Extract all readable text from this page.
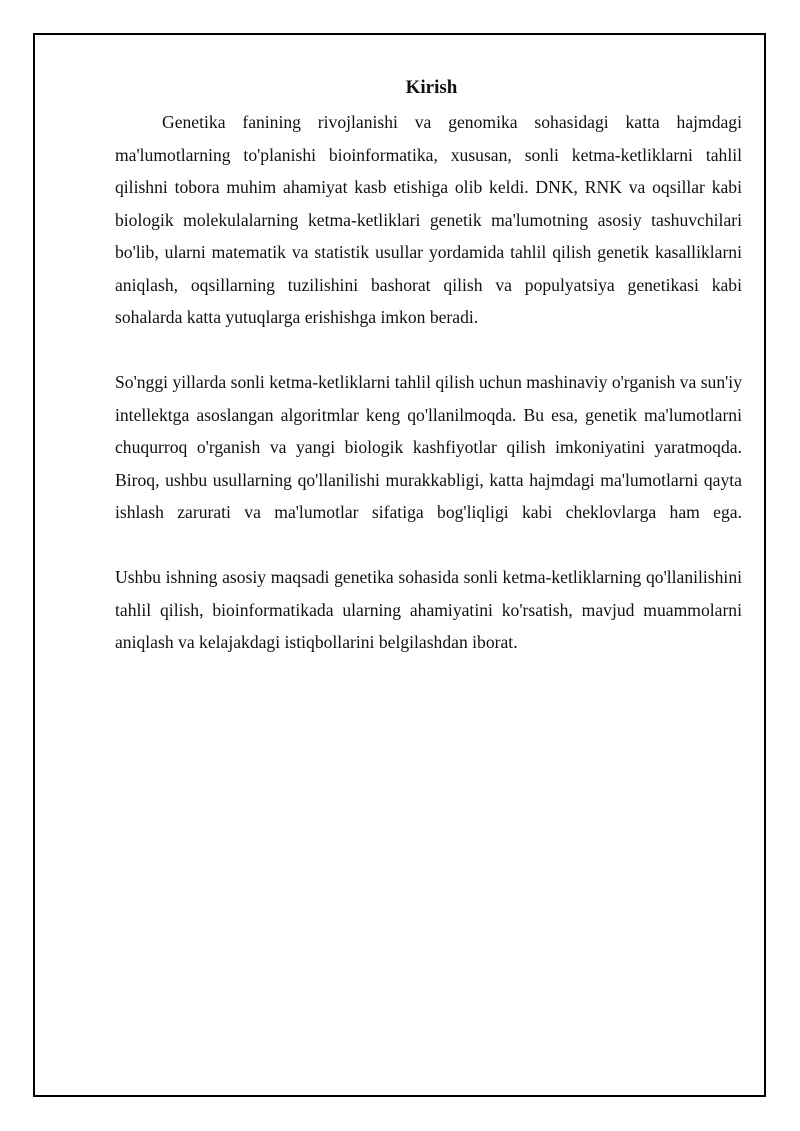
Kirish

Genetika fanining rivojlanishi va genomika sohasidagi katta hajmdagi ma'lumotlarning to'planishi bioinformatika, xususan, sonli ketma-ketliklarni tahlil qilishni tobora muhim ahamiyat kasb etishiga olib keldi. DNK, RNK va oqsillar kabi biologik molekulalarning ketma-ketliklari genetik ma'lumotning asosiy tashuvchilari bo'lib, ularni matematik va statistik usullar yordamida tahlil qilish genetik kasalliklarni aniqlash, oqsillarning tuzilishini bashorat qilish va populyatsiya genetikasi kabi sohalarda katta yutuqlarga erishishga imkon beradi.

So'nggi yillarda sonli ketma-ketliklarni tahlil qilish uchun mashinaviy o'rganish va sun'iy intellektga asoslangan algoritmlar keng qo'llanilmoqda. Bu esa, genetik ma'lumotlarni chuqurroq o'rganish va yangi biologik kashfiyotlar qilish imkoniyatini yaratmoqda. Biroq, ushbu usullarning qo'llanilishi murakkabligi, katta hajmdagi ma'lumotlarni qayta ishlash zarurati va ma'lumotlar sifatiga bog'liqligi kabi cheklovlarga ham ega.

Ushbu ishning asosiy maqsadi genetika sohasida sonli ketma-ketliklarning qo'llanilishini tahlil qilish, bioinformatikada ularning ahamiyatini ko'rsatish, mavjud muammolarni aniqlash va kelajakdagi istiqbollarini belgilashdan iborat.
